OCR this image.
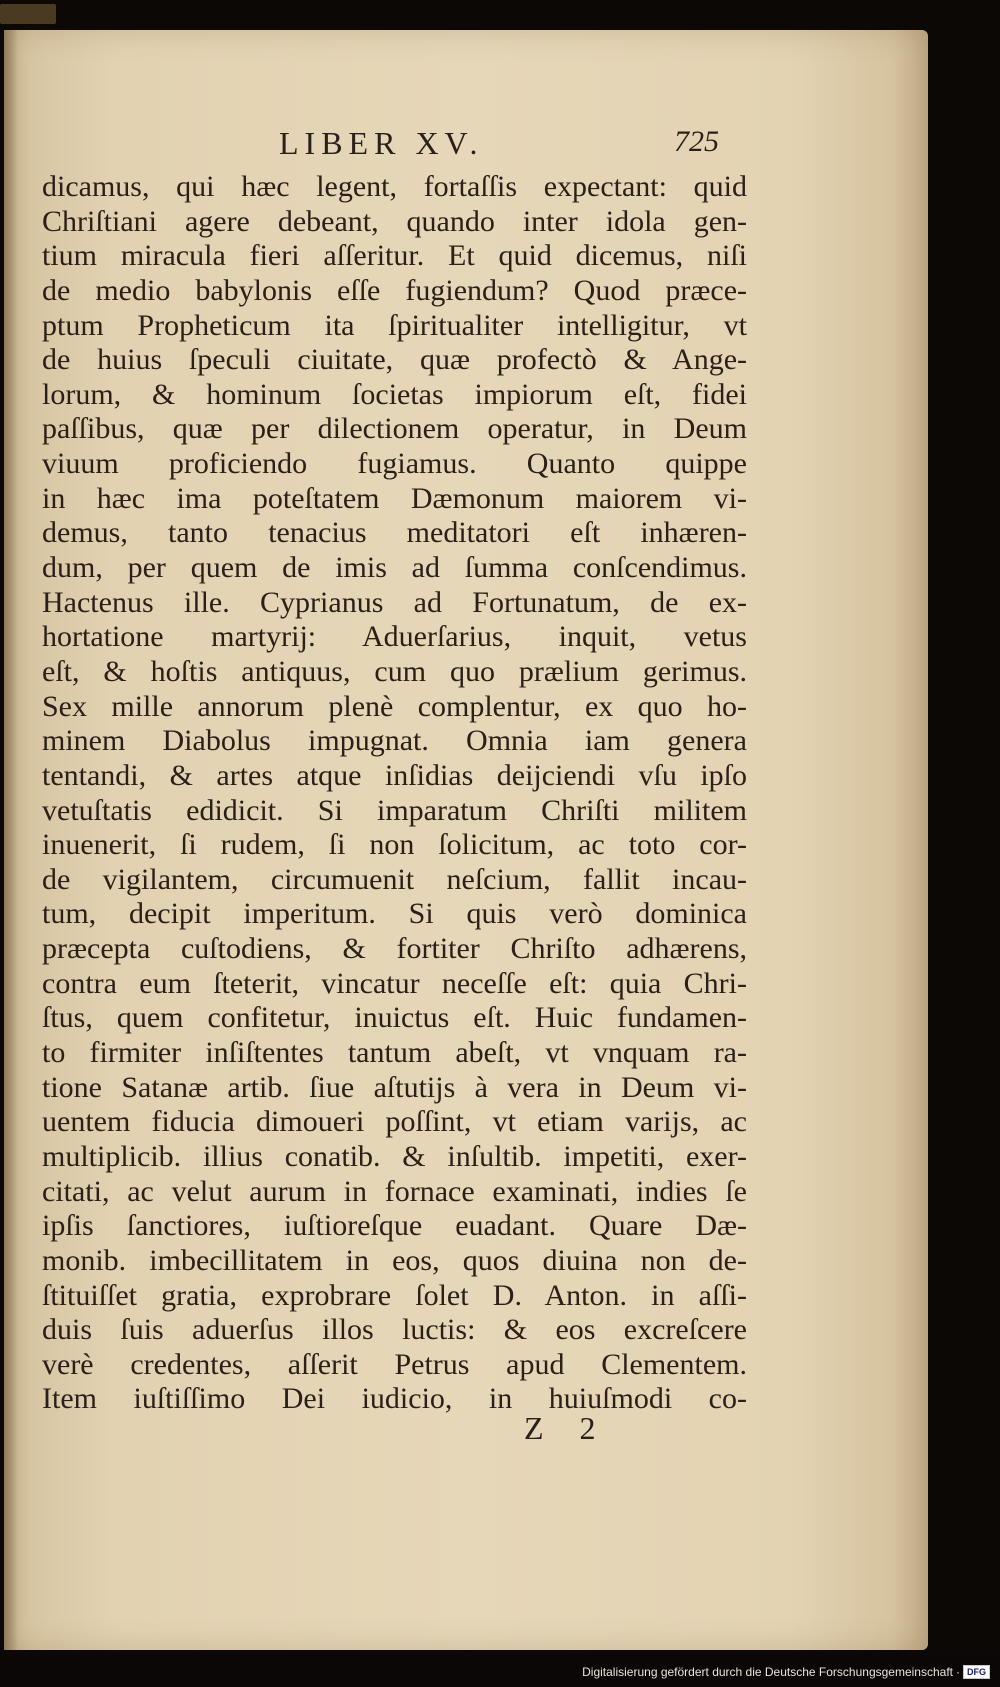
LIBER XV.	725
dicamus, qui hæc legent, fortaſſis expectant: quid
Chriſtiani agere debeant, quando inter idola gen-
tium miracula fieri aſſeritur. Et quid dicemus, niſi
de medio babylonis eſſe fugiendum? Quod præce-
ptum Propheticum ita ſpiritualiter intelligitur, vt
de huius ſpeculi ciuitate, quæ profectò & Ange-
lorum, & hominum ſocietas impiorum eſt, fidei
paſſibus, quæ per dilectionem operatur, in Deum
viuum proficiendo fugiamus. Quanto quippe
in hæc ima poteſtatem Dæmonum maiorem vi-
demus, tanto tenacius meditatori eſt inhæren-
dum, per quem de imis ad ſumma conſcendimus.
Hactenus ille. Cyprianus ad Fortunatum, de ex-
hortatione martyrij: Aduerſarius, inquit, vetus
eſt, & hoſtis antiquus, cum quo prælium gerimus.
Sex mille annorum plenè complentur, ex quo ho-
minem Diabolus impugnat. Omnia iam genera
tentandi, & artes atque inſidias deijciendi vſu ipſo
vetuſtatis edidicit. Si imparatum Chriſti militem
inuenerit, ſi rudem, ſi non ſolicitum, ac toto cor-
de vigilantem, circumuenit neſcium, fallit incau-
tum, decipit imperitum. Si quis verò dominica
præcepta cuſtodiens, & fortiter Chriſto adhærens,
contra eum ſteterit, vincatur neceſſe eſt: quia Chri-
ſtus, quem confitetur, inuictus eſt. Huic fundamen-
to firmiter inſiſtentes tantum abeſt, vt vnquam ra-
tione Satanæ artib. ſiue aſtutijs à vera in Deum vi-
uentem fiducia dimoueri poſſint, vt etiam varijs, ac
multiplicib. illius conatib. & inſultib. impetiti, exer-
citati, ac velut aurum in fornace examinati, indies ſe
ipſis ſanctiores, iuſtioreſque euadant. Quare Dæ-
monib. imbecillitatem in eos, quos diuina non de-
ſtituiſſet gratia, exprobrare ſolet D. Anton. in aſſi-
duis ſuis aduerſus illos luctis: & eos excreſcere
verè credentes, aſſerit Petrus apud Clementem.
Item iuſtiſſimo Dei iudicio, in huiuſmodi co-
Z 2
Digitalisierung gefördert durch die Deutsche Forschungsgemeinschaft · DFG
